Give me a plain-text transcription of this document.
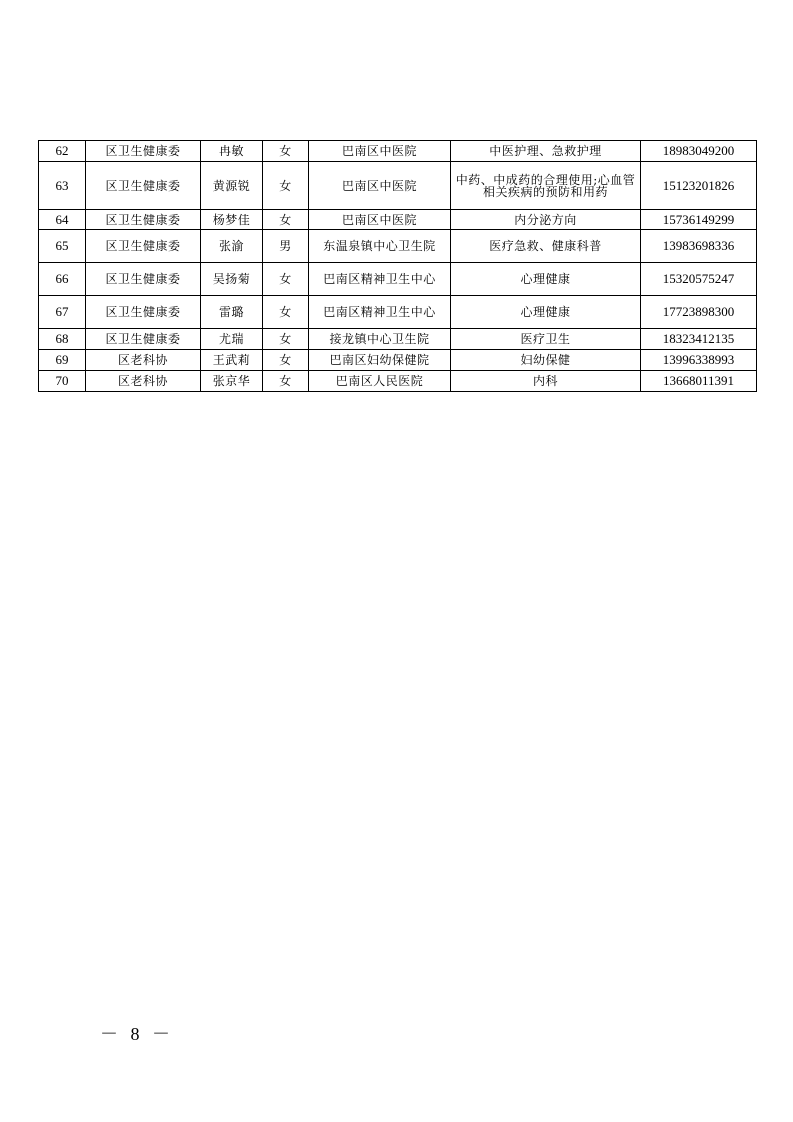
62	区卫生健康委	冉敏	女	巴南区中医院	中医护理、急救护理	18983049200
63	区卫生健康委	黄源锐	女	巴南区中医院	中药、中成药的合理使用;心血管相关疾病的预防和用药	15123201826
64	区卫生健康委	杨梦佳	女	巴南区中医院	内分泌方向	15736149299
65	区卫生健康委	张渝	男	东温泉镇中心卫生院	医疗急救、健康科普	13983698336
66	区卫生健康委	吴扬菊	女	巴南区精神卫生中心	心理健康	15320575247
67	区卫生健康委	雷璐	女	巴南区精神卫生中心	心理健康	17723898300
68	区卫生健康委	尤瑞	女	接龙镇中心卫生院	医疗卫生	18323412135
69	区老科协	王武莉	女	巴南区妇幼保健院	妇幼保健	13996338993
70	区老科协	张京华	女	巴南区人民医院	内科	13668011391
－ 8 －
